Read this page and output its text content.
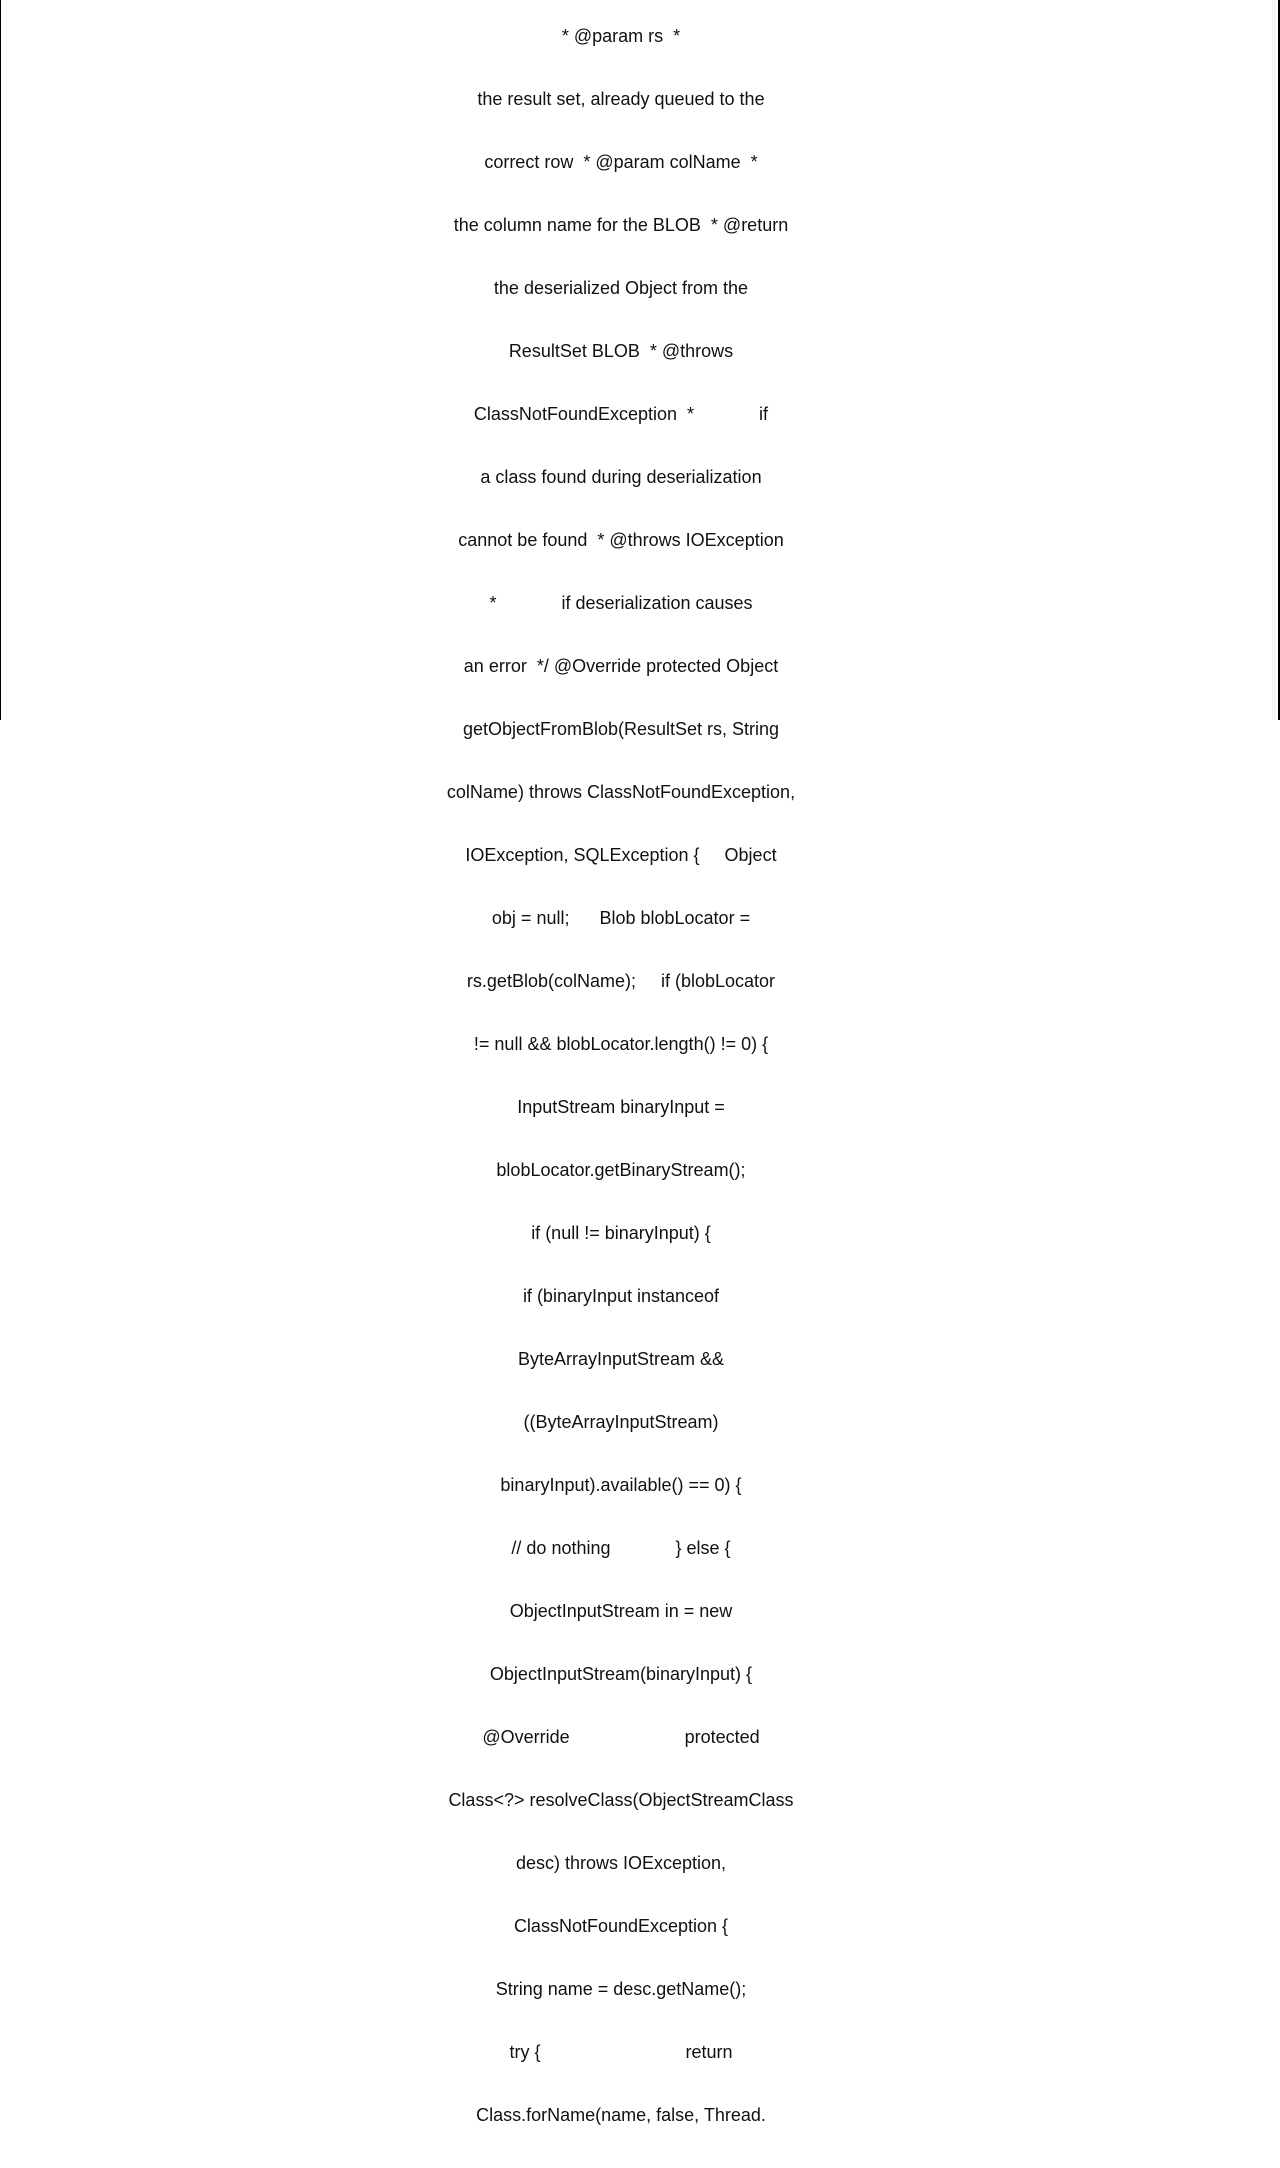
* @param rs  *

the result set, already queued to the

correct row  * @param colName  *

the column name for the BLOB  * @return

the deserialized Object from the

ResultSet BLOB  * @throws

ClassNotFoundException  *             if

a class found during deserialization

cannot be found  * @throws IOException

*             if deserialization causes

an error  */ @Override protected Object

getObjectFromBlob(ResultSet rs, String

colName) throws ClassNotFoundException,

IOException, SQLException {     Object

obj = null;      Blob blobLocator =

rs.getBlob(colName);     if (blobLocator

!= null && blobLocator.length() != 0) {

InputStream binaryInput =

blobLocator.getBinaryStream();

if (null != binaryInput) {

if (binaryInput instanceof

ByteArrayInputStream &&

((ByteArrayInputStream)

binaryInput).available() == 0) {

// do nothing             } else {

ObjectInputStream in = new

ObjectInputStream(binaryInput) {

@Override                       protected

Class<?> resolveClass(ObjectStreamClass

desc) throws IOException,

ClassNotFoundException {

String name = desc.getName();

try {                             return

Class.forName(name, false, Thread.
